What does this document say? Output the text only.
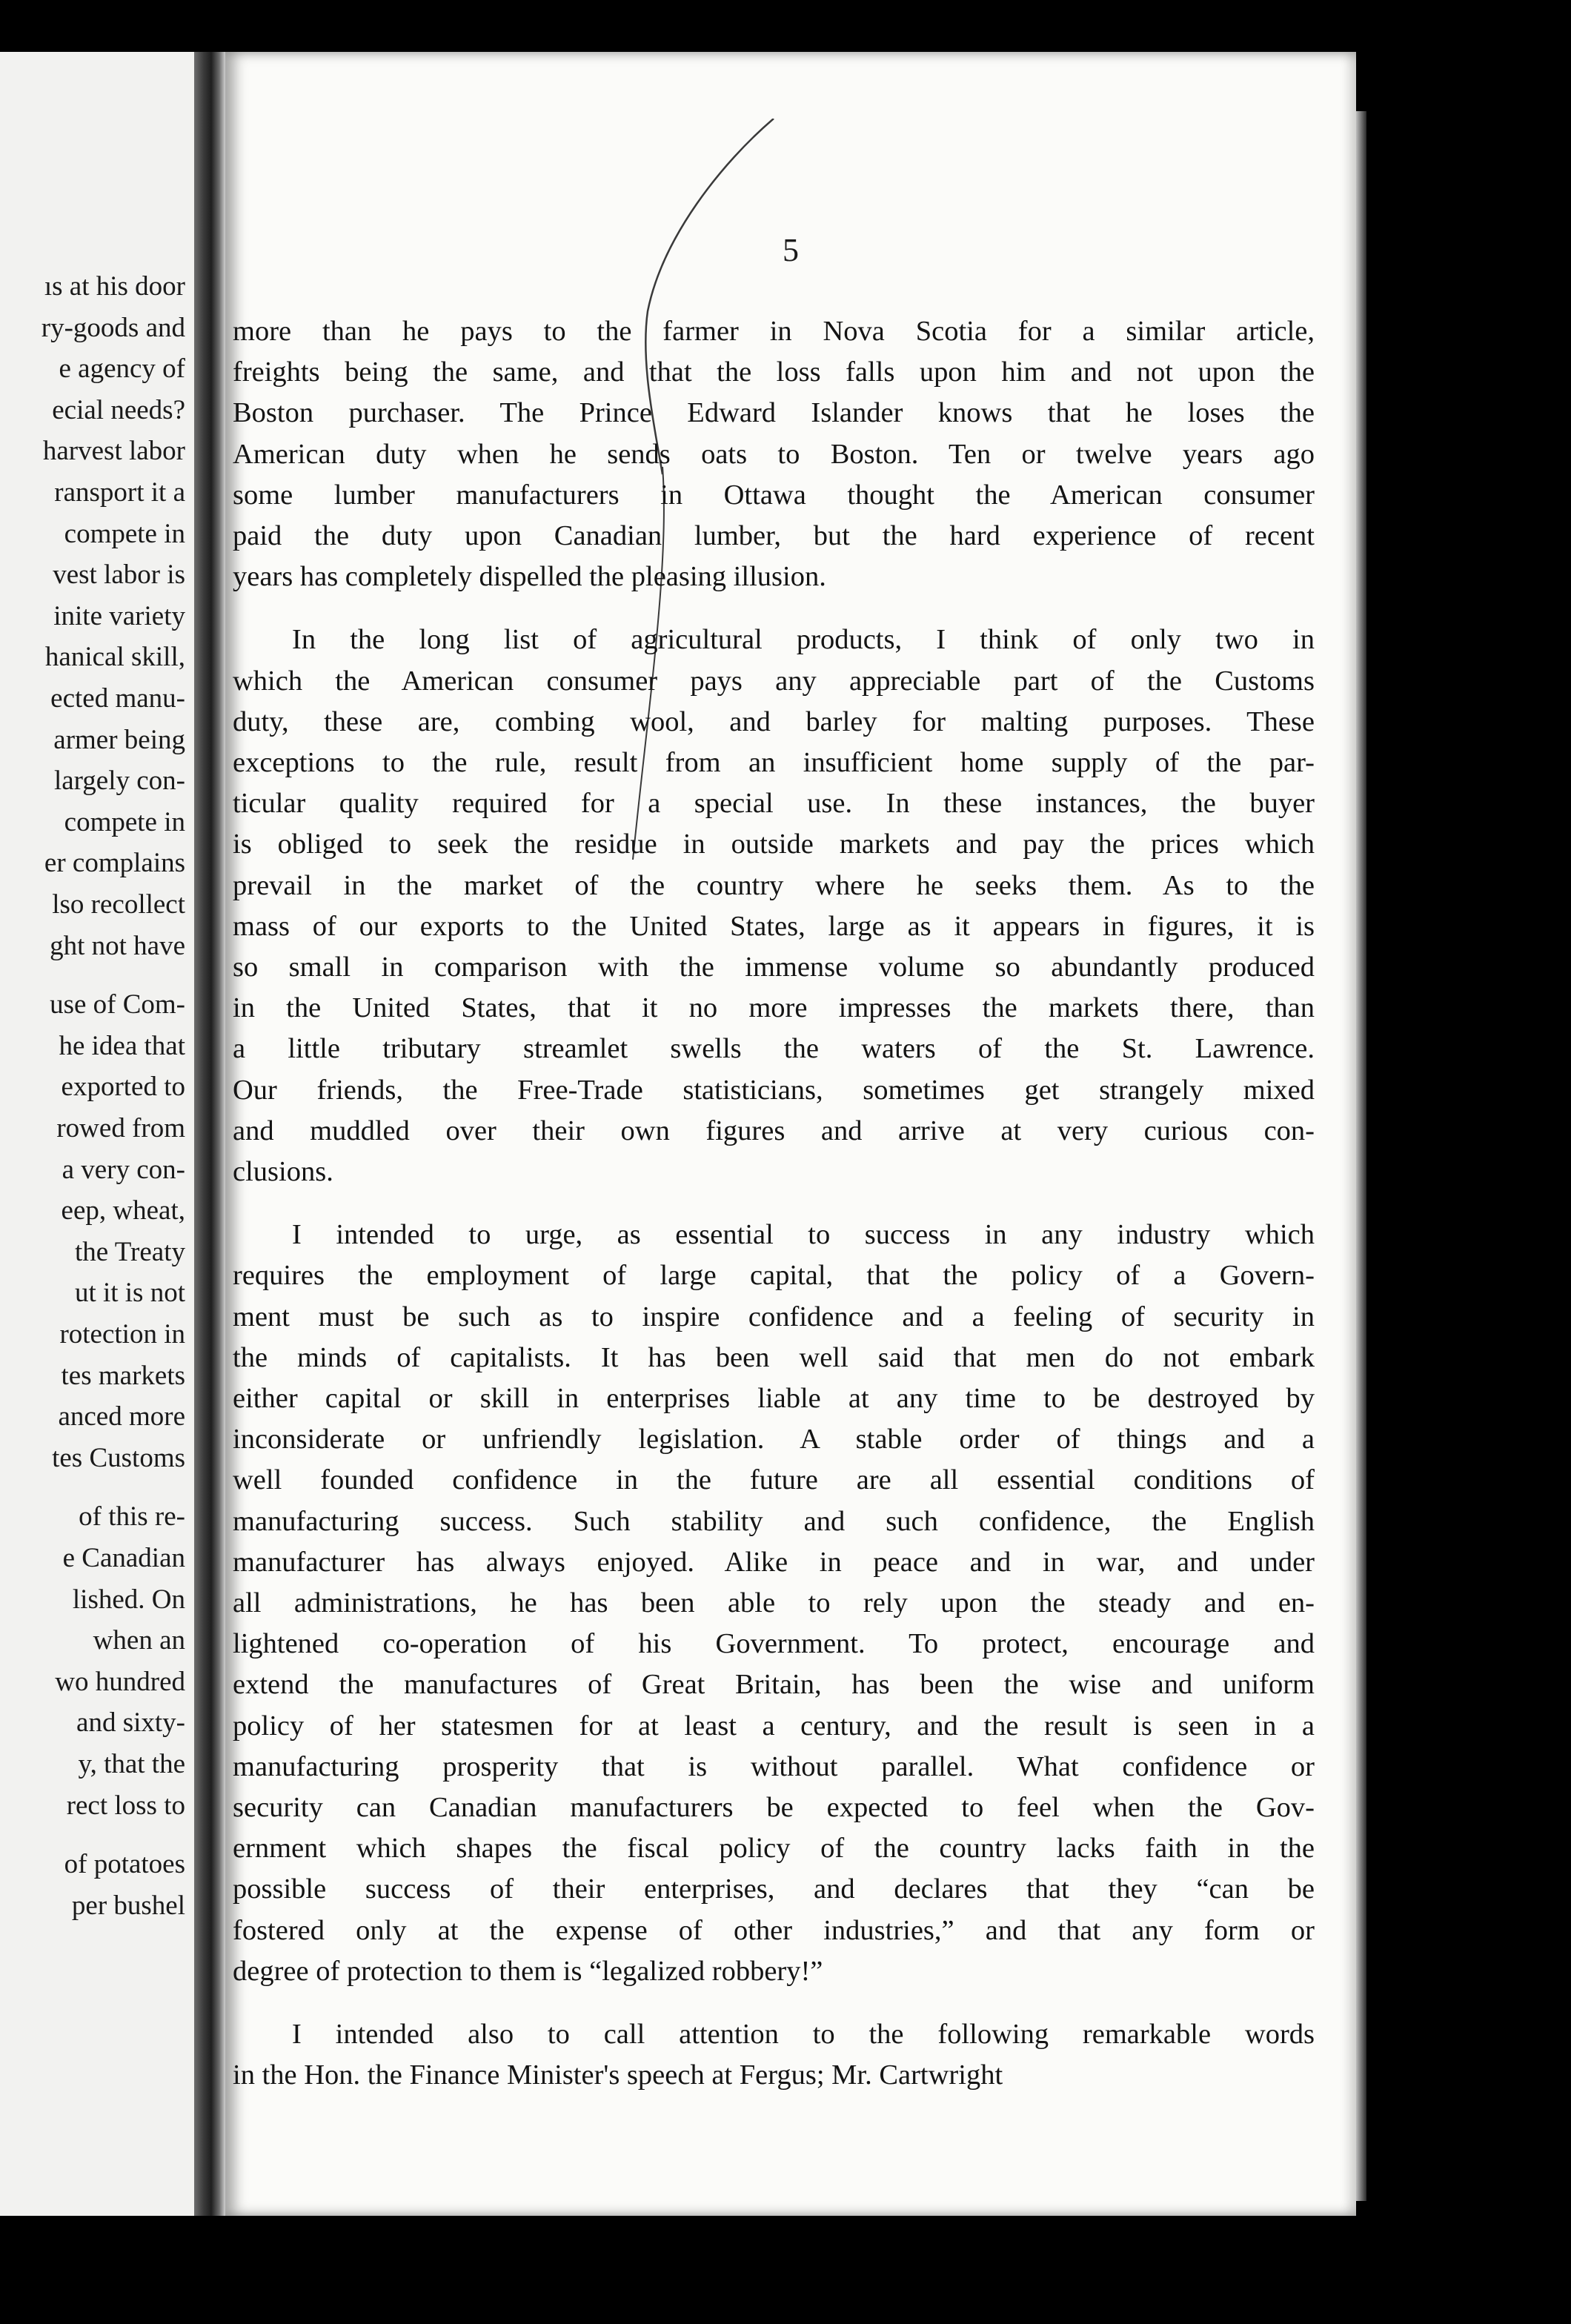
ıs at his door
ry-goods and
e agency of
ecial needs?
harvest labor
ransport it a
compete in
vest labor is
inite variety
hanical skill,
ected manu-
armer being
largely con-
compete in
er complains
lso recollect
ght not have
use of Com-
he idea that
exported to
rowed from
a very con-
eep, wheat,
the Treaty
ut it is not
rotection in
tes markets
anced more
tes Customs
of this re-
e Canadian
lished. On
when an
wo hundred
and sixty-
y, that the
rect loss to
of potatoes
per bushel
5
more than he pays to the farmer in Nova Scotia for a similar article,
freights being the same, and that the loss falls upon him and not upon the
Boston purchaser. The Prince Edward Islander knows that he loses the
American duty when he sends oats to Boston. Ten or twelve years ago
some lumber manufacturers in Ottawa thought the American consumer
paid the duty upon Canadian lumber, but the hard experience of recent
years has completely dispelled the pleasing illusion.
In the long list of agricultural products, I think of only two in
which the American consumer pays any appreciable part of the Customs
duty, these are, combing wool, and barley for malting purposes. These
exceptions to the rule, result from an insufficient home supply of the par-
ticular quality required for a special use. In these instances, the buyer
is obliged to seek the residue in outside markets and pay the prices which
prevail in the market of the country where he seeks them. As to the
mass of our exports to the United States, large as it appears in figures, it is
so small in comparison with the immense volume so abundantly produced
in the United States, that it no more impresses the markets there, than
a little tributary streamlet swells the waters of the St. Lawrence.
Our friends, the Free-Trade statisticians, sometimes get strangely mixed
and muddled over their own figures and arrive at very curious con-
clusions.
I intended to urge, as essential to success in any industry which
requires the employment of large capital, that the policy of a Govern-
ment must be such as to inspire confidence and a feeling of security in
the minds of capitalists. It has been well said that men do not embark
either capital or skill in enterprises liable at any time to be destroyed by
inconsiderate or unfriendly legislation. A stable order of things and a
well founded confidence in the future are all essential conditions of
manufacturing success. Such stability and such confidence, the English
manufacturer has always enjoyed. Alike in peace and in war, and under
all administrations, he has been able to rely upon the steady and en-
lightened co-operation of his Government. To protect, encourage and
extend the manufactures of Great Britain, has been the wise and uniform
policy of her statesmen for at least a century, and the result is seen in a
manufacturing prosperity that is without parallel. What confidence or
security can Canadian manufacturers be expected to feel when the Gov-
ernment which shapes the fiscal policy of the country lacks faith in the
possible success of their enterprises, and declares that they “can be
fostered only at the expense of other industries,” and that any form or
degree of protection to them is “legalized robbery!”
I intended also to call attention to the following remarkable words
in the Hon. the Finance Minister's speech at Fergus; Mr. Cartwright
